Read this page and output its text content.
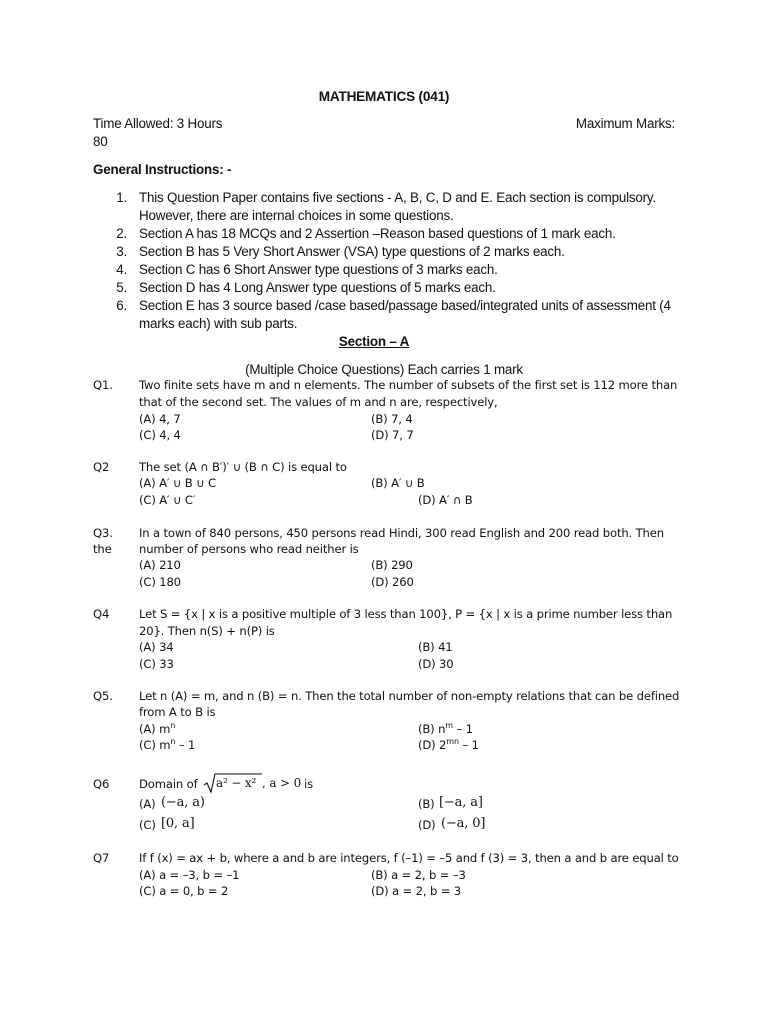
MATHEMATICS (041)
Time Allowed: 3 Hours	Maximum Marks:
80
General Instructions: -
1. This Question Paper contains five sections - A, B, C, D and E. Each section is compulsory.
However, there are internal choices in some questions.
2. Section A has 18 MCQs and 2 Assertion –Reason based questions of 1 mark each.
3. Section B has 5 Very Short Answer (VSA) type questions of 2 marks each.
4. Section C has 6 Short Answer type questions of 3 marks each.
5. Section D has 4 Long Answer type questions of 5 marks each.
6. Section E has 3 source based /case based/passage based/integrated units of assessment (4
marks each) with sub parts.
Section – A
(Multiple Choice Questions) Each carries 1 mark
Q1. Two finite sets have m and n elements. The number of subsets of the first set is 112 more than
that of the second set. The values of m and n are, respectively,
(A) 4, 7	(B) 7, 4
(C) 4, 4	(D) 7, 7
Q2	The set (A ∩ B′)′ ∪ (B ∩ C) is equal to
(A) A′ ∪ B ∪ C	(B) A′ ∪ B
(C) A′ ∪ C′	(D) A′ ∩ B
Q3.
the
In a town of 840 persons, 450 persons read Hindi, 300 read English and 200 read both. Then
number of persons who read neither is
(A) 210	(B) 290
(C) 180	(D) 260
Q4	Let S = {x | x is a positive multiple of 3 less than 100}, P = {x | x is a prime number less than
20}. Then n(S) + n(P) is
(A) 34	(B) 41
(C) 33	(D) 30
Q5. Let n (A) = m, and n (B) = n. Then the total number of non-empty relations that can be defined
from A to B is
(A) $m^n$	(B) $n^m - 1$
(C) $m^n - 1$	(D) $2^{mn} - 1$
Q6	Domain of a² − x² , a > 0 is
(A) (−a, a)	(B) [−a, a]
(C) [0, a]	(D) (−a, 0]
Q7	If f (x) = ax + b, where a and b are integers, f (–1) = –5 and f (3) = 3, then a and b are equal to
(A) a = –3, b = –1	(B) a = 2, b = –3
(C) a = 0, b = 2	(D) a = 2, b = 3
